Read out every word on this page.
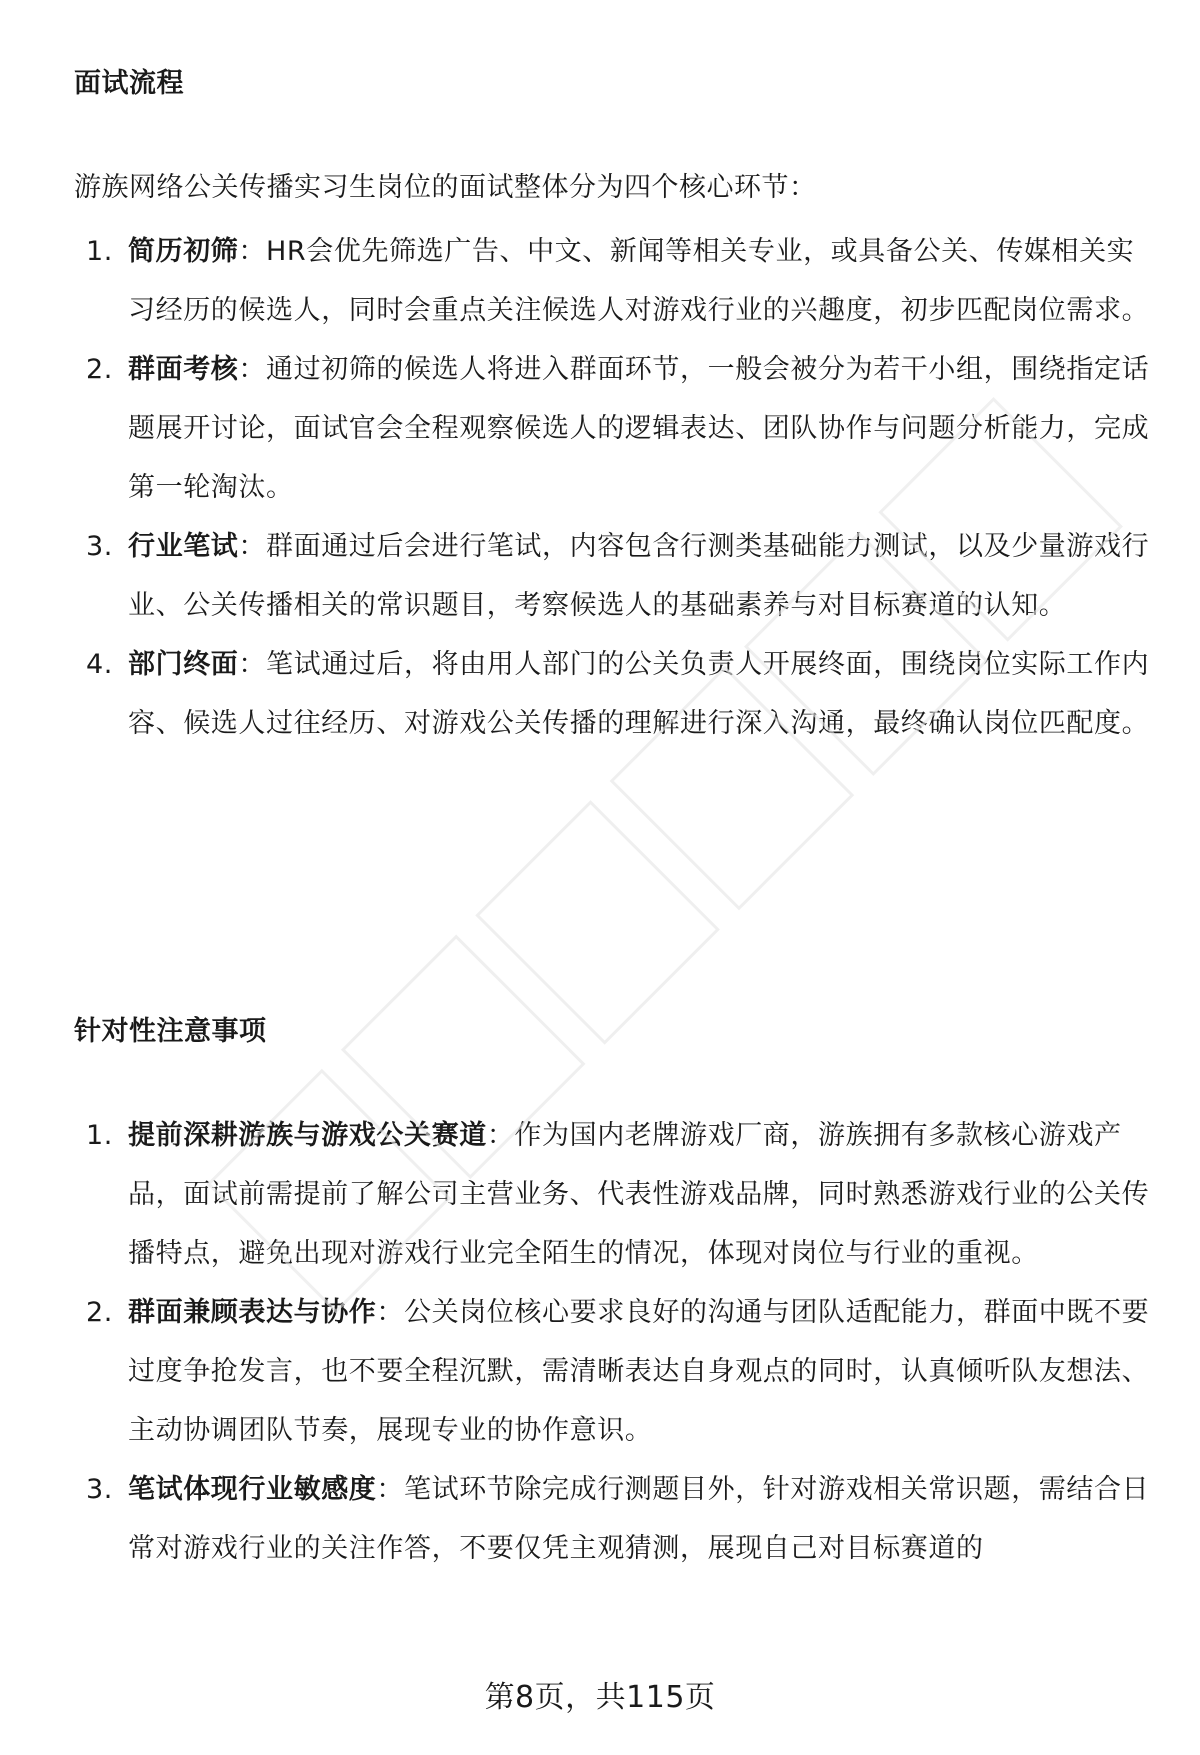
面试流程
游族网络公关传播实习生岗位的面试整体分为四个核心环节：
1. 简历初筛：HR会优先筛选广告、中文、新闻等相关专业，或具备公关、传媒相关实习经历的候选人，同时会重点关注候选人对游戏行业的兴趣度，初步匹配岗位需求。
2. 群面考核：通过初筛的候选人将进入群面环节，一般会被分为若干小组，围绕指定话题展开讨论，面试官会全程观察候选人的逻辑表达、团队协作与问题分析能力，完成第一轮淘汰。
3. 行业笔试：群面通过后会进行笔试，内容包含行测类基础能力测试，以及少量游戏行业、公关传播相关的常识题目，考察候选人的基础素养与对目标赛道的认知。
4. 部门终面：笔试通过后，将由用人部门的公关负责人开展终面，围绕岗位实际工作内容、候选人过往经历、对游戏公关传播的理解进行深入沟通，最终确认岗位匹配度。
针对性注意事项
1. 提前深耕游族与游戏公关赛道：作为国内老牌游戏厂商，游族拥有多款核心游戏产品，面试前需提前了解公司主营业务、代表性游戏品牌，同时熟悉游戏行业的公关传播特点，避免出现对游戏行业完全陌生的情况，体现对岗位与行业的重视。
2. 群面兼顾表达与协作：公关岗位核心要求良好的沟通与团队适配能力，群面中既不要过度争抢发言，也不要全程沉默，需清晰表达自身观点的同时，认真倾听队友想法、主动协调团队节奏，展现专业的协作意识。
3. 笔试体现行业敏感度：笔试环节除完成行测题目外，针对游戏相关常识题，需结合日常对游戏行业的关注作答，不要仅凭主观猜测，展现自己对目标赛道的
第8页，共115页
